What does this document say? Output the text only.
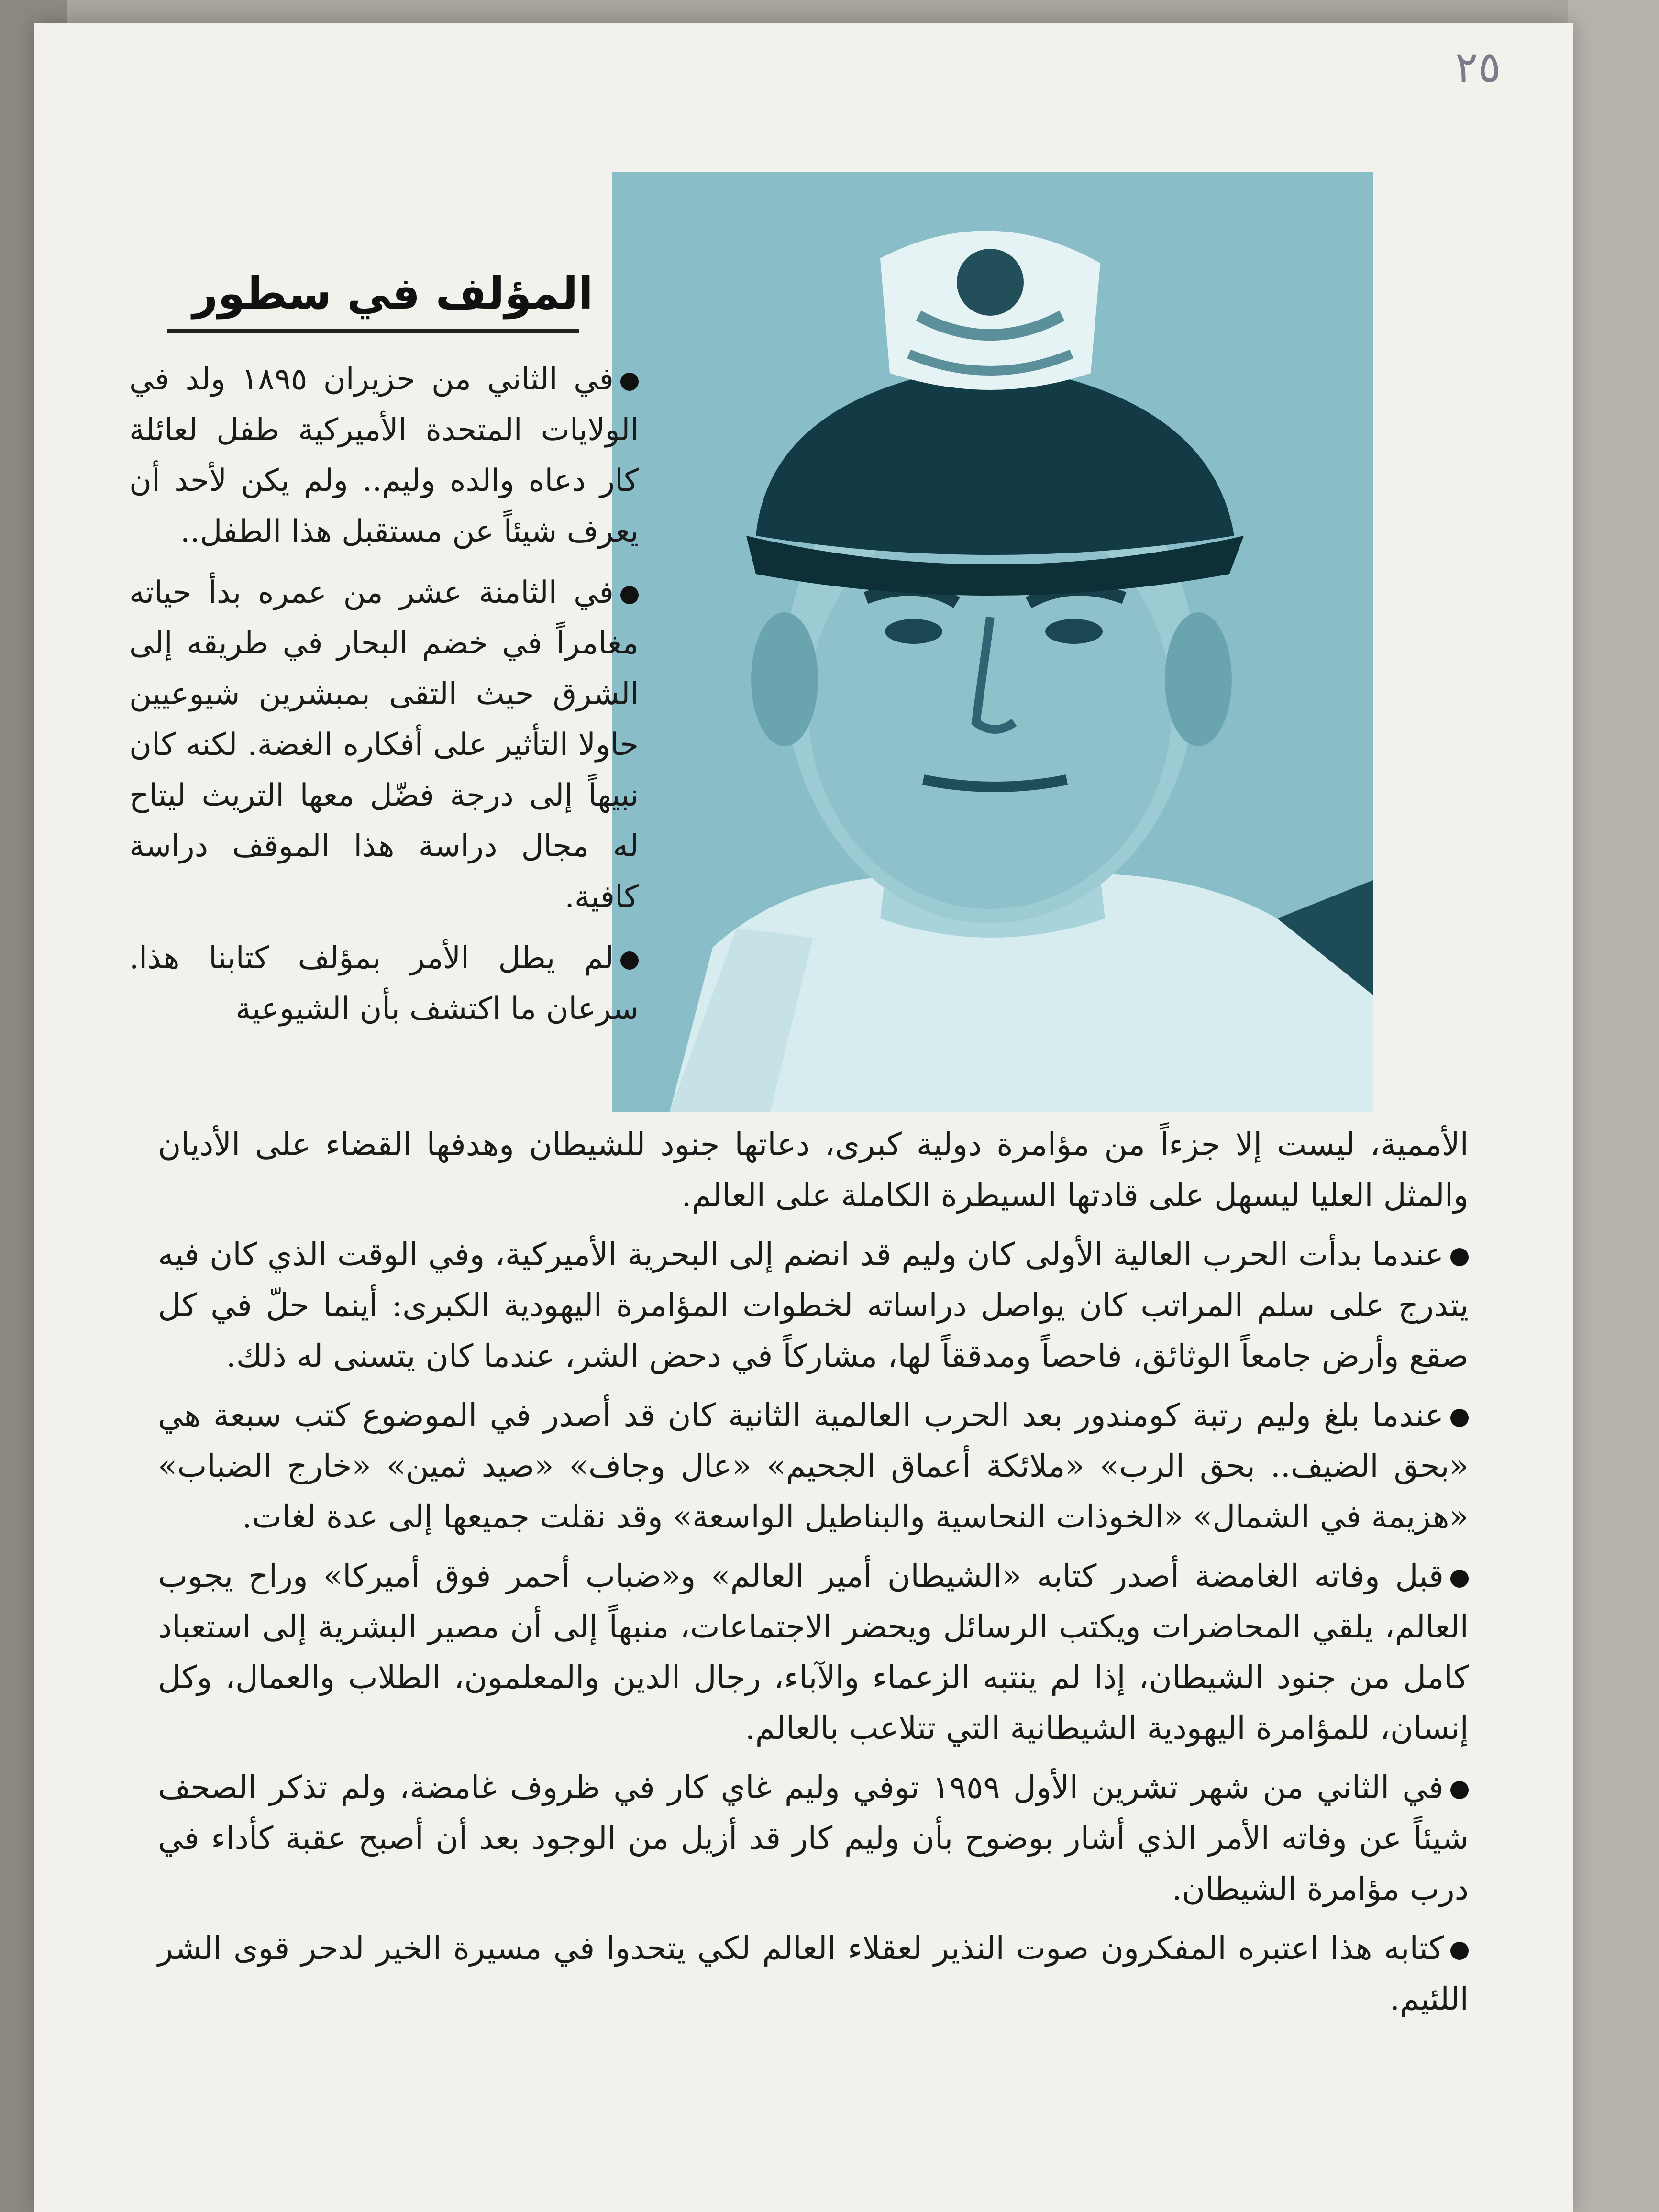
٢٥
المؤلف في سطور
في الثاني من حزيران ١٨٩٥ ولد في الولايات المتحدة الأميركية طفل لعائلة كار دعاه والده وليم.. ولم يكن لأحد أن يعرف شيئاً عن مستقبل هذا الطفل..
في الثامنة عشر من عمره بدأ حياته مغامراً في خضم البحار في طريقه إلى الشرق حيث التقى بمبشرين شيوعيين حاولا التأثير على أفكاره الغضة. لكنه كان نبيهاً إلى درجة فضّل معها التريث ليتاح له مجال دراسة هذا الموقف دراسة كافية.
لم يطل الأمر بمؤلف كتابنا هذا. سرعان ما اكتشف بأن الشيوعية

الأممية، ليست إلا جزءاً من مؤامرة دولية كبرى، دعاتها جنود للشيطان وهدفها القضاء على الأديان والمثل العليا ليسهل على قادتها السيطرة الكاملة على العالم.

عندما بدأت الحرب العالية الأولى كان وليم قد انضم إلى البحرية الأميركية، وفي الوقت الذي كان فيه يتدرج على سلم المراتب كان يواصل دراساته لخطوات المؤامرة اليهودية الكبرى: أينما حلّ في كل صقع وأرض جامعاً الوثائق، فاحصاً ومدققاً لها، مشاركاً في دحض الشر، عندما كان يتسنى له ذلك.

عندما بلغ وليم رتبة كومندور بعد الحرب العالمية الثانية كان قد أصدر في الموضوع كتب سبعة هي «بحق الضيف.. بحق الرب» «ملائكة أعماق الجحيم» «عال وجاف» «صيد ثمين» «خارج الضباب» «هزيمة في الشمال» «الخوذات النحاسية والبناطيل الواسعة» وقد نقلت جميعها إلى عدة لغات.

قبل وفاته الغامضة أصدر كتابه «الشيطان أمير العالم» و«ضباب أحمر فوق أميركا» وراح يجوب العالم، يلقي المحاضرات ويكتب الرسائل ويحضر الاجتماعات، منبهاً إلى أن مصير البشرية إلى استعباد كامل من جنود الشيطان، إذا لم ينتبه الزعماء والآباء، رجال الدين والمعلمون، الطلاب والعمال، وكل إنسان، للمؤامرة اليهودية الشيطانية التي تتلاعب بالعالم.

في الثاني من شهر تشرين الأول ١٩٥٩ توفي وليم غاي كار في ظروف غامضة، ولم تذكر الصحف شيئاً عن وفاته الأمر الذي أشار بوضوح بأن وليم كار قد أزيل من الوجود بعد أن أصبح عقبة كأداء في درب مؤامرة الشيطان.

كتابه هذا اعتبره المفكرون صوت النذير لعقلاء العالم لكي يتحدوا في مسيرة الخير لدحر قوى الشر اللئيم.
